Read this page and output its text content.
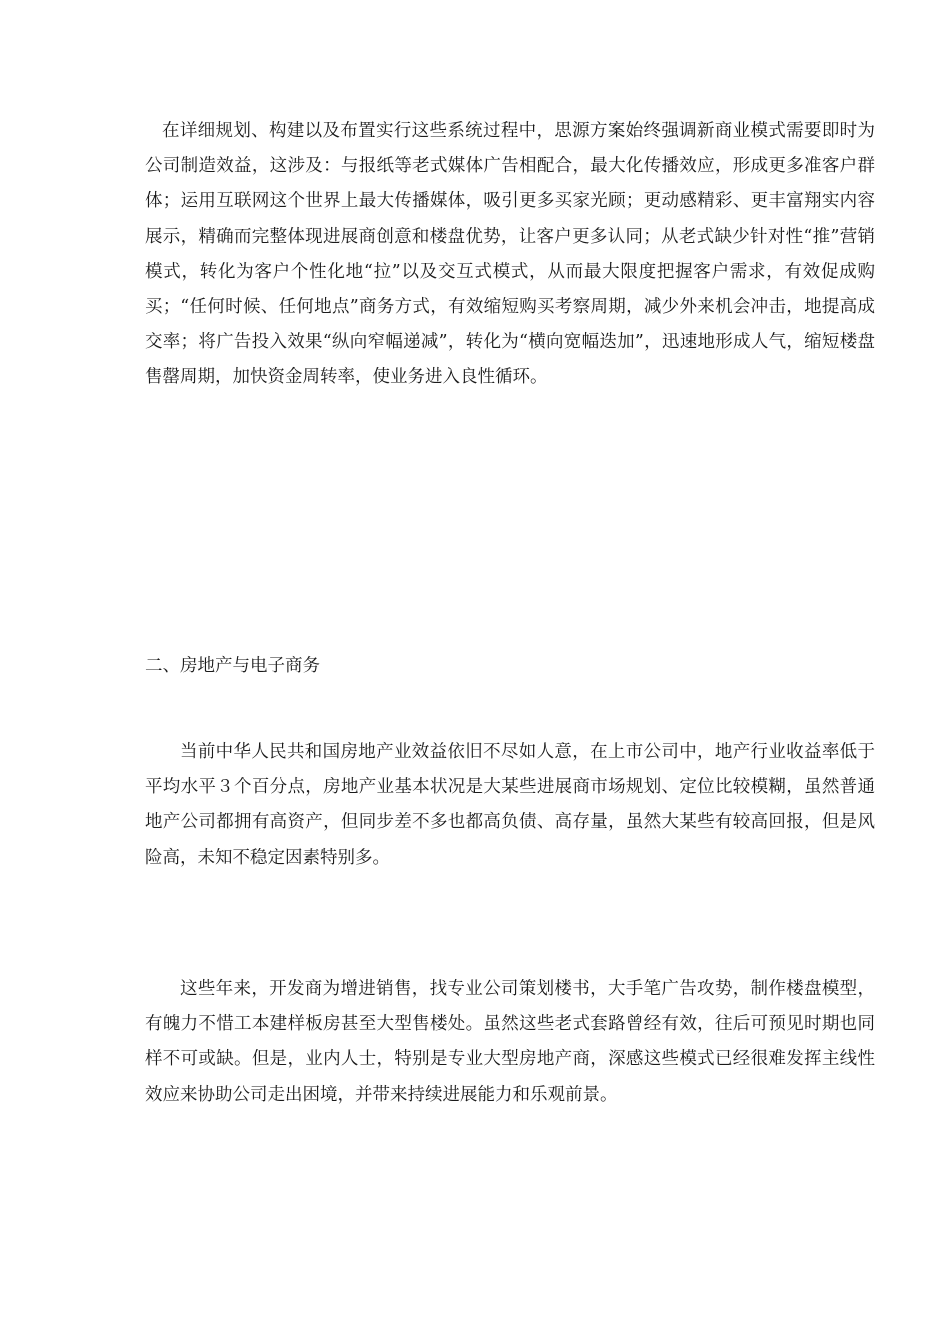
在详细规划、构建以及布置实行这些系统过程中，思源方案始终强调新商业模式需要即时为公司制造效益，这涉及：与报纸等老式媒体广告相配合，最大化传播效应，形成更多准客户群体；运用互联网这个世界上最大传播媒体，吸引更多买家光顾；更动感精彩、更丰富翔实内容展示，精确而完整体现进展商创意和楼盘优势，让客户更多认同；从老式缺少针对性“推”营销模式，转化为客户个性化地“拉”以及交互式模式，从而最大限度把握客户需求，有效促成购买；“任何时候、任何地点”商务方式，有效缩短购买考察周期，减少外来机会冲击，地提高成交率；将广告投入效果“纵向窄幅递减”，转化为“横向宽幅迭加”，迅速地形成人气，缩短楼盘售罄周期，加快资金周转率，使业务进入良性循环。

二、房地产与电子商务

当前中华人民共和国房地产业效益依旧不尽如人意，在上市公司中，地产行业收益率低于平均水平３个百分点，房地产业基本状况是大某些进展商市场规划、定位比较模糊，虽然普通地产公司都拥有高资产，但同步差不多也都高负债、高存量，虽然大某些有较高回报，但是风险高，未知不稳定因素特别多。

这些年来，开发商为增进销售，找专业公司策划楼书，大手笔广告攻势，制作楼盘模型，有魄力不惜工本建样板房甚至大型售楼处。虽然这些老式套路曾经有效，往后可预见时期也同样不可或缺。但是，业内人士，特别是专业大型房地产商，深感这些模式已经很难发挥主线性效应来协助公司走出困境，并带来持续进展能力和乐观前景。
